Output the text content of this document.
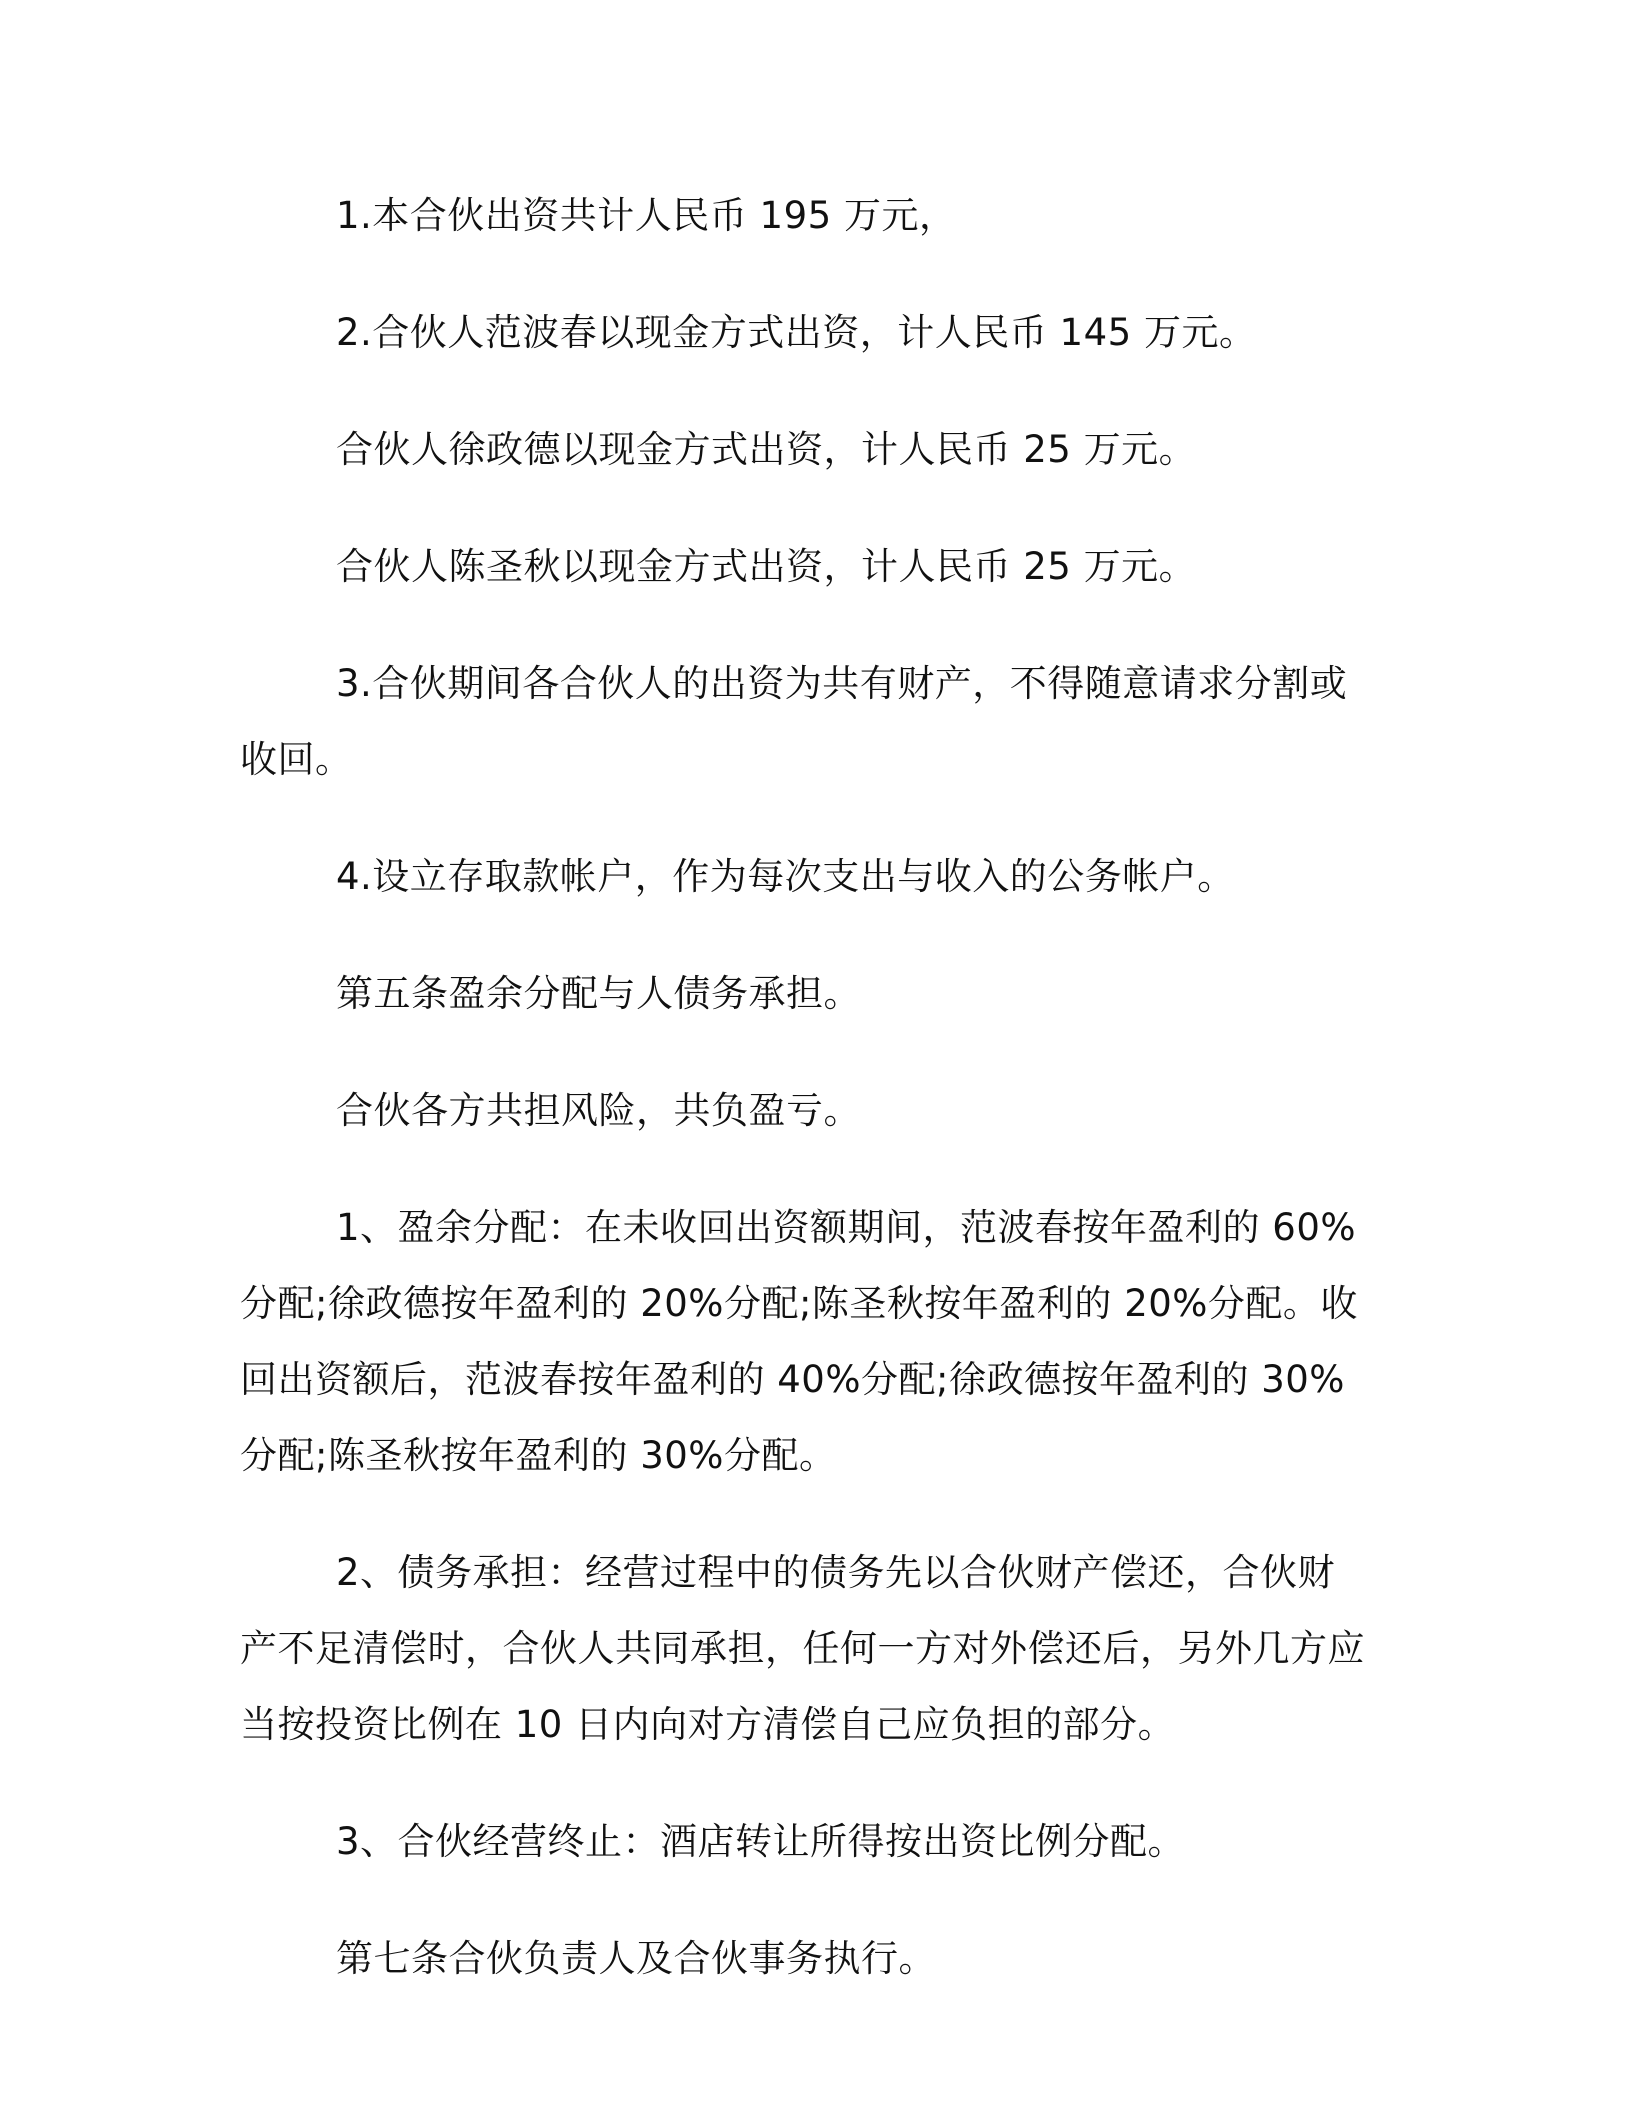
1.本合伙出资共计人民币 195 万元，

2.合伙人范波春以现金方式出资，计人民币 145 万元。

合伙人徐政德以现金方式出资，计人民币 25 万元。

合伙人陈圣秋以现金方式出资，计人民币 25 万元。

3.合伙期间各合伙人的出资为共有财产，不得随意请求分割或收回。

4.设立存取款帐户，作为每次支出与收入的公务帐户。

第五条盈余分配与人债务承担。

合伙各方共担风险，共负盈亏。

1、盈余分配：在未收回出资额期间，范波春按年盈利的 60%分配;徐政德按年盈利的 20%分配;陈圣秋按年盈利的 20%分配。收回出资额后，范波春按年盈利的 40%分配;徐政德按年盈利的 30%分配;陈圣秋按年盈利的 30%分配。

2、债务承担：经营过程中的债务先以合伙财产偿还，合伙财产不足清偿时，合伙人共同承担，任何一方对外偿还后，另外几方应当按投资比例在 10 日内向对方清偿自己应负担的部分。

3、合伙经营终止：酒店转让所得按出资比例分配。

第七条合伙负责人及合伙事务执行。
